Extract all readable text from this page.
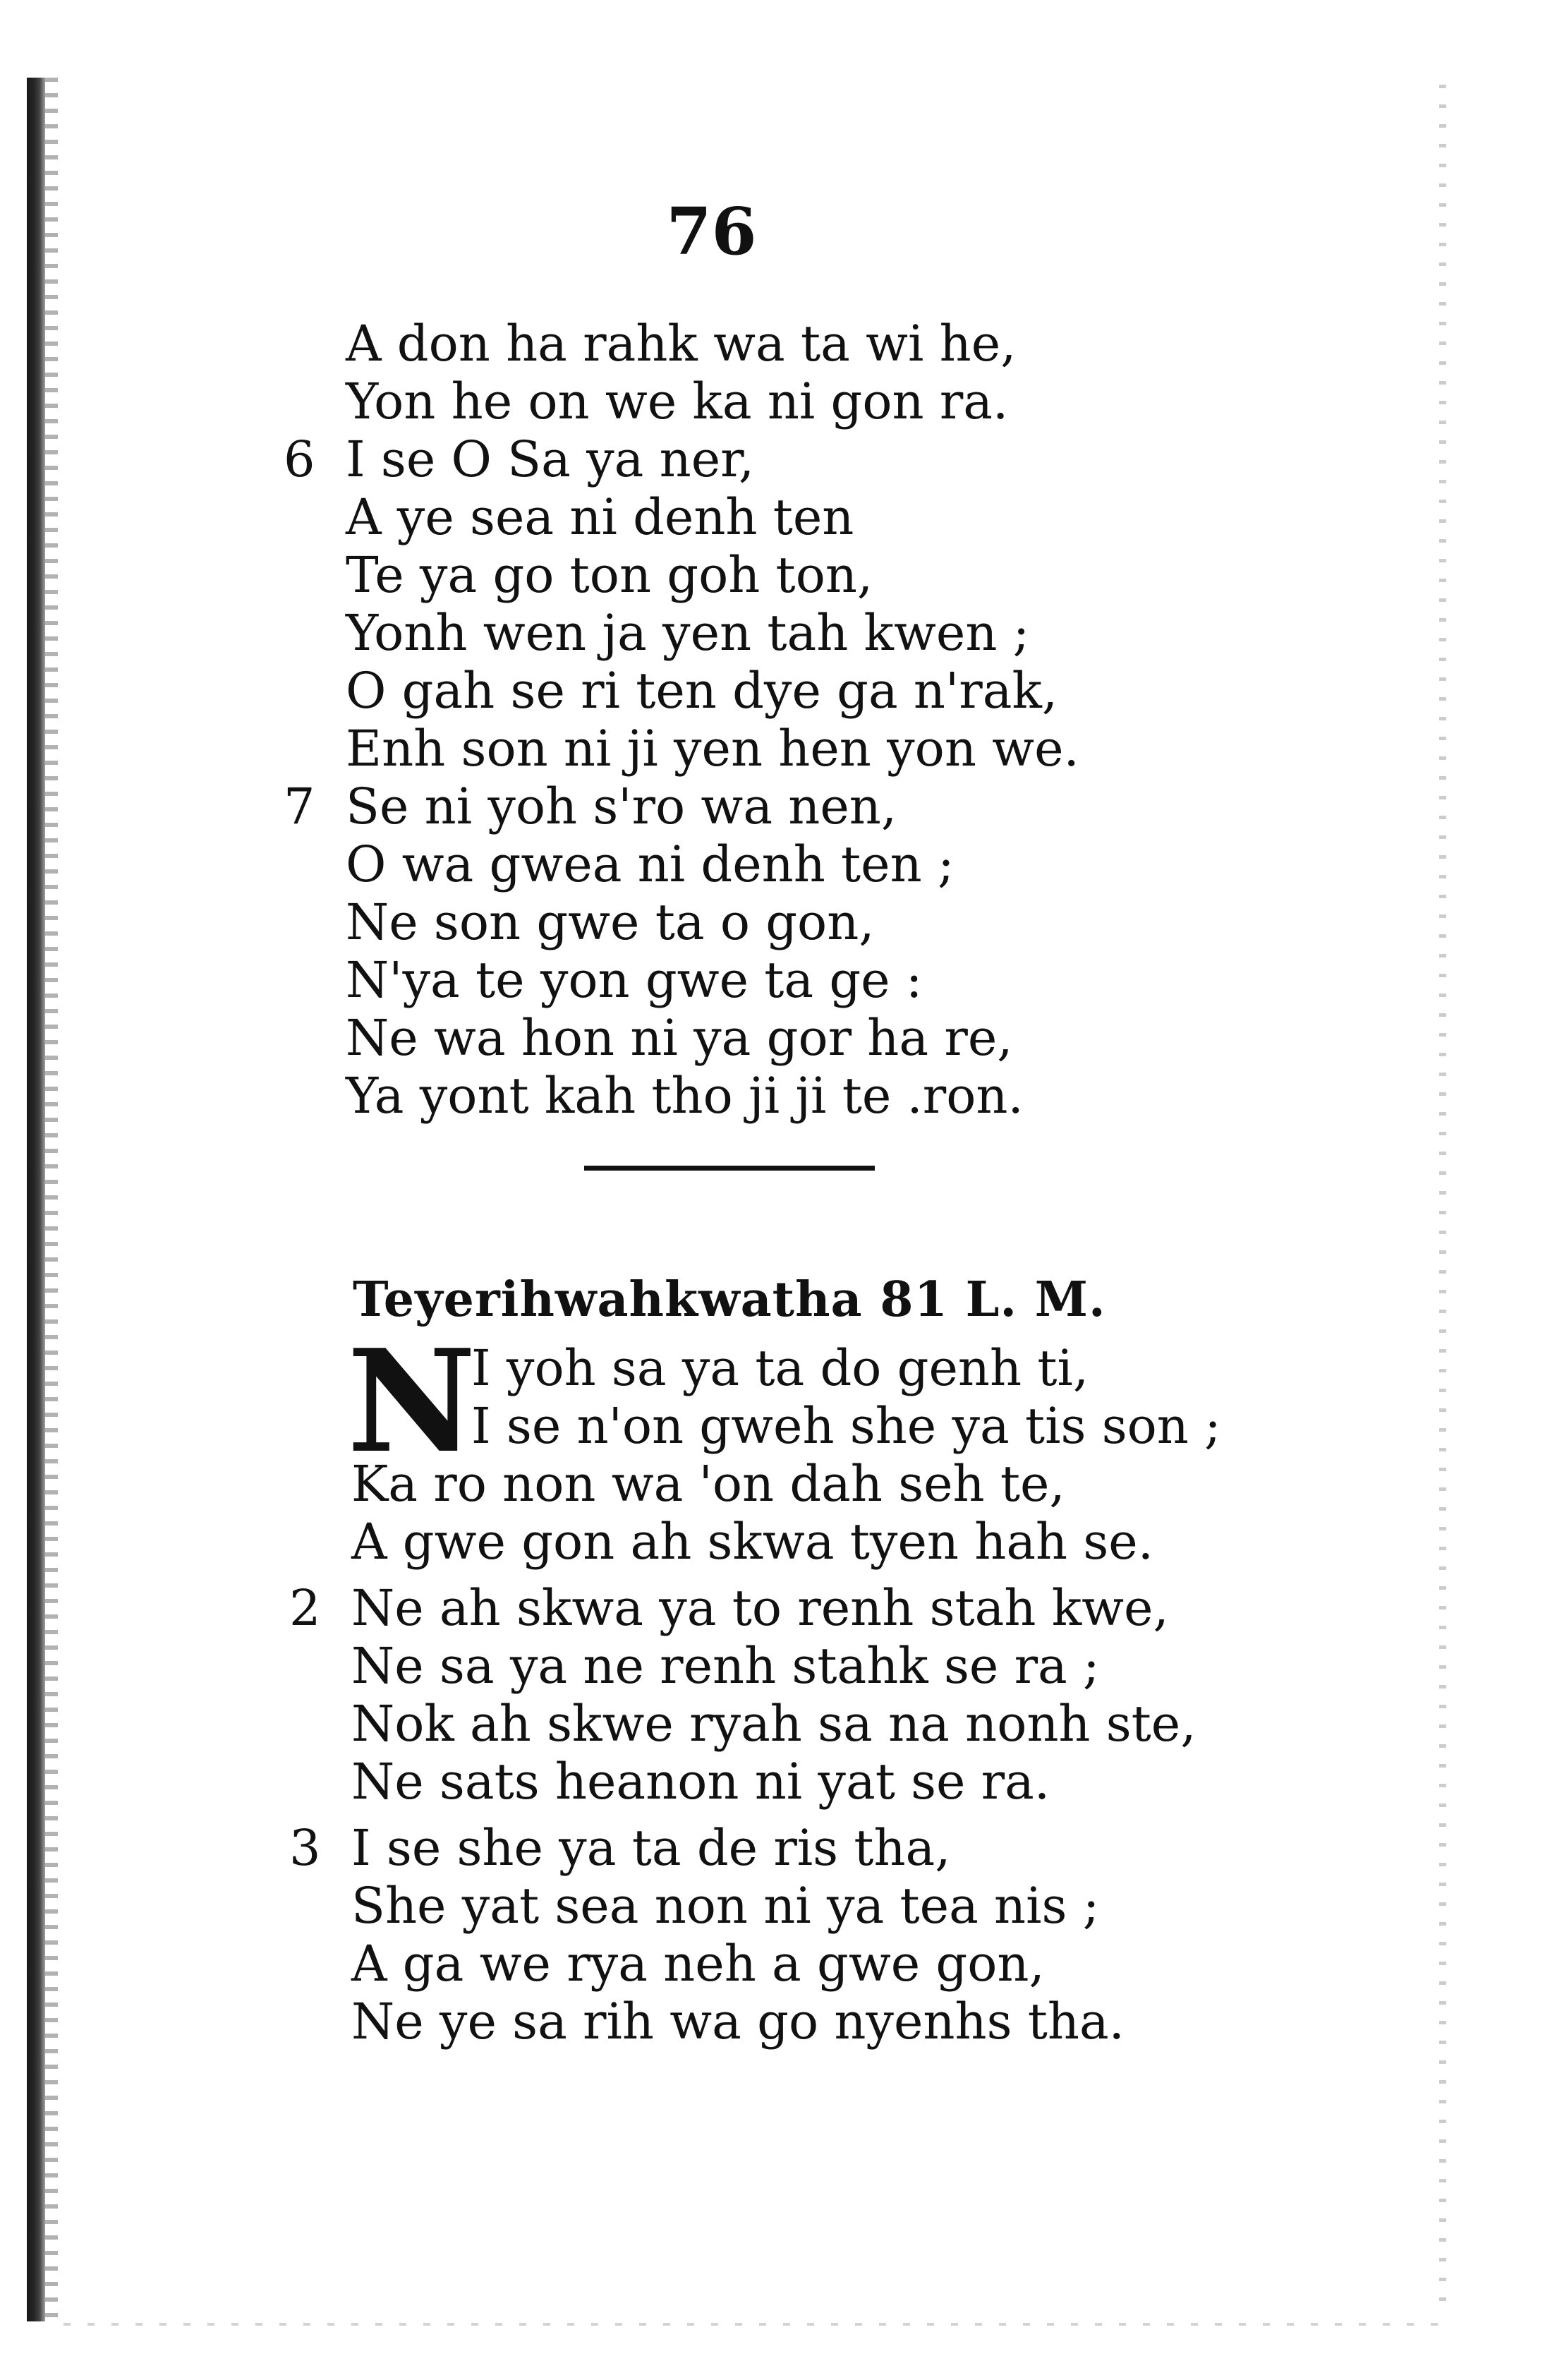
76
A don ha rahk wa ta wi he,
Yon he on we ka ni gon ra.
6 I se O Sa ya ner,
A ye sea ni denh ten
Te ya go ton goh ton,
Yonh wen ja yen tah kwen ;
O gah se ri ten dye ga n'rak,
Enh son ni ji yen hen yon we.
7 Se ni yoh s'ro wa nen,
O wa gwea ni denh ten ;
Ne son gwe ta o gon,
N'ya te yon gwe ta ge :
Ne wa hon ni ya gor ha re,
Ya yont kah tho ji ji te .ron.
Teyerihwahkwatha 81 L. M.
N
I yoh sa ya ta do genh ti,
I se n'on gweh she ya tis son ;
Ka ro non wa 'on dah seh te,
A gwe gon ah skwa tyen hah se.
2 Ne ah skwa ya to renh stah kwe,
Ne sa ya ne renh stahk se ra ;
Nok ah skwe ryah sa na nonh ste,
Ne sats heanon ni yat se ra.
3 I se she ya ta de ris tha,
She yat sea non ni ya tea nis ;
A ga we rya neh a gwe gon,
Ne ye sa rih wa go nyenhs tha.
